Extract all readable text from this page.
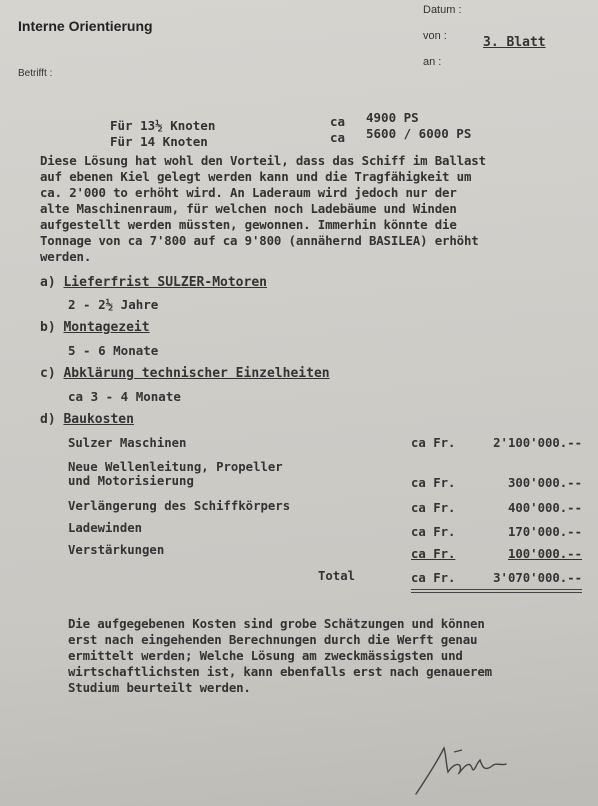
Interne Orientierung
Betrifft :
Datum :
von :
an :
3. Blatt
Für 13½ Knoten	ca 4900 PS
Für 14 Knoten	ca 5600 / 6000 PS
Diese Lösung hat wohl den Vorteil, dass das Schiff im Ballast
auf ebenen Kiel gelegt werden kann und die Tragfähigkeit um
ca. 2'000 to erhöht wird. An Laderaum wird jedoch nur der
alte Maschinenraum, für welchen noch Ladebäume und Winden
aufgestellt werden müssten, gewonnen. Immerhin könnte die
Tonnage von ca 7'800 auf ca 9'800 (annähernd BASILEA) erhöht
werden.
a) Lieferfrist SULZER-Motoren
2 - 2½ Jahre
b) Montagezeit
5 - 6 Monate
c) Abklärung technischer Einzelheiten
ca 3 - 4 Monate
d) Baukosten
Sulzer Maschinen	ca Fr.	2'100'000.--
Neue Wellenleitung, Propeller
und Motorisierung	ca Fr.	300'000.--
Verlängerung des Schiffkörpers	ca Fr.	400'000.--
Ladewinden	ca Fr.	170'000.--
Verstärkungen	ca Fr.	100'000.--
Total	ca Fr.	3'070'000.--
Die aufgegebenen Kosten sind grobe Schätzungen und können
erst nach eingehenden Berechnungen durch die Werft genau
ermittelt werden; Welche Lösung am zweckmässigsten und
wirtschaftlichsten ist, kann ebenfalls erst nach genauerem
Studium beurteilt werden.
